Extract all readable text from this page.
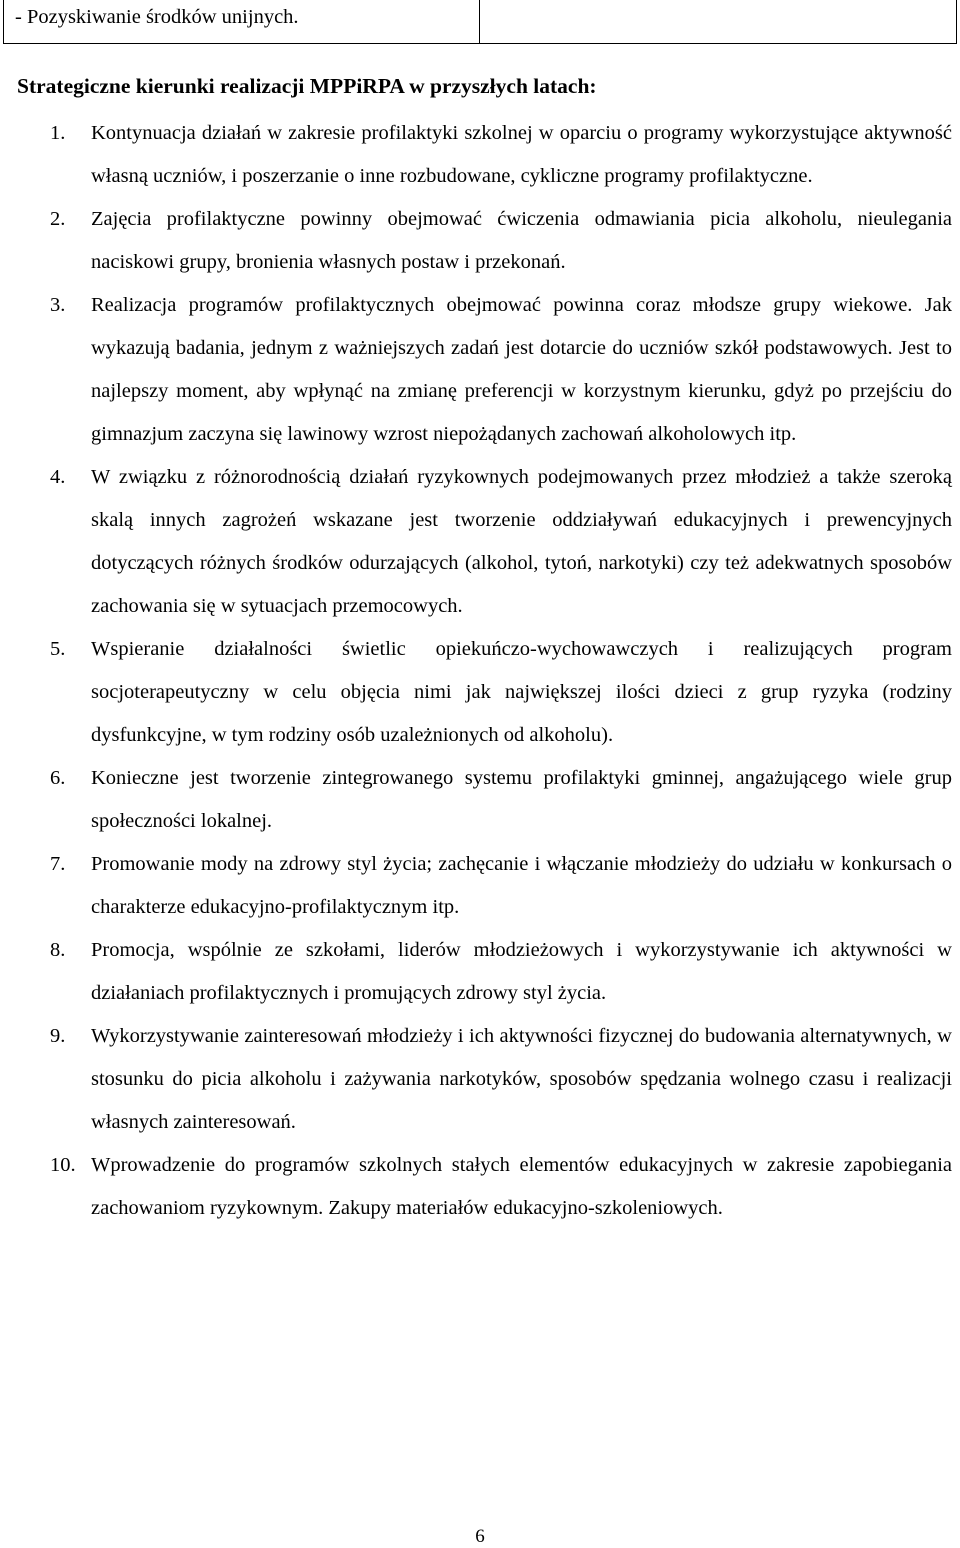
- Pozyskiwanie środków unijnych.
Strategiczne kierunki realizacji MPPiRPA w przyszłych latach:
1.	Kontynuacja działań w zakresie profilaktyki szkolnej w oparciu o programy wykorzystujące aktywność własną uczniów, i poszerzanie o inne rozbudowane, cykliczne programy profilaktyczne.
2.	Zajęcia profilaktyczne powinny obejmować ćwiczenia odmawiania picia alkoholu, nieulegania naciskowi grupy, bronienia własnych postaw i przekonań.
3.	Realizacja programów profilaktycznych obejmować powinna coraz młodsze grupy wiekowe. Jak wykazują badania, jednym z ważniejszych zadań jest dotarcie do uczniów szkół podstawowych. Jest to najlepszy moment, aby wpłynąć na zmianę preferencji w korzystnym kierunku, gdyż po przejściu do gimnazjum zaczyna się lawinowy wzrost niepożądanych zachowań alkoholowych itp.
4.	W związku z różnorodnością działań ryzykownych podejmowanych przez młodzież a także szeroką skalą innych zagrożeń wskazane jest tworzenie oddziaływań edukacyjnych i prewencyjnych dotyczących różnych środków odurzających (alkohol, tytoń, narkotyki) czy też adekwatnych sposobów zachowania się w sytuacjach przemocowych.
5.	Wspieranie działalności świetlic opiekuńczo-wychowawczych i realizujących program socjoterapeutyczny w celu objęcia nimi jak największej ilości dzieci z grup ryzyka (rodziny dysfunkcyjne, w tym rodziny osób uzależnionych od alkoholu).
6.	Konieczne jest tworzenie zintegrowanego systemu profilaktyki gminnej, angażującego wiele grup społeczności lokalnej.
7.	Promowanie mody na zdrowy styl życia; zachęcanie i włączanie młodzieży do udziału w konkursach o charakterze edukacyjno-profilaktycznym itp.
8.	Promocja, wspólnie ze szkołami, liderów młodzieżowych i wykorzystywanie ich aktywności w działaniach profilaktycznych i promujących zdrowy styl życia.
9.	Wykorzystywanie zainteresowań młodzieży i ich aktywności fizycznej do budowania alternatywnych, w stosunku do picia alkoholu i zażywania narkotyków, sposobów spędzania wolnego czasu i realizacji własnych zainteresowań.
10. Wprowadzenie do programów szkolnych stałych elementów edukacyjnych w zakresie zapobiegania zachowaniom ryzykownym. Zakupy materiałów edukacyjno-szkoleniowych.
6
